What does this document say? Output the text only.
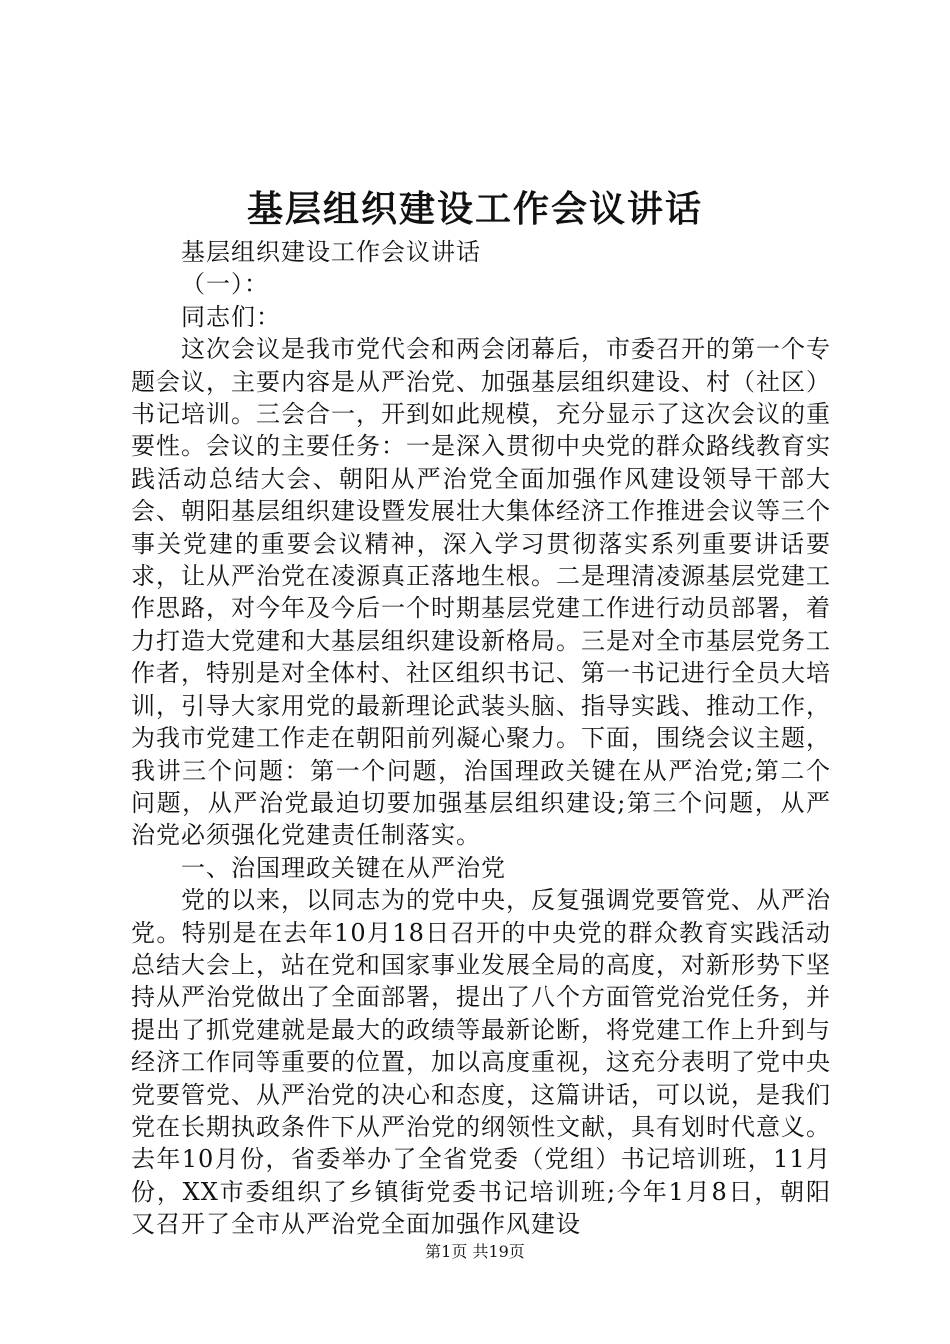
基层组织建设工作会议讲话

基层组织建设工作会议讲话

（一）：

同志们：

这次会议是我市党代会和两会闭幕后，市委召开的第一个专题会议，主要内容是从严治党、加强基层组织建设、村（社区）书记培训。三会合一，开到如此规模，充分显示了这次会议的重要性。会议的主要任务：一是深入贯彻中央党的群众路线教育实践活动总结大会、朝阳从严治党全面加强作风建设领导干部大会、朝阳基层组织建设暨发展壮大集体经济工作推进会议等三个事关党建的重要会议精神，深入学习贯彻落实系列重要讲话要求，让从严治党在凌源真正落地生根。二是理清凌源基层党建工作思路，对今年及今后一个时期基层党建工作进行动员部署，着力打造大党建和大基层组织建设新格局。三是对全市基层党务工作者，特别是对全体村、社区组织书记、第一书记进行全员大培训，引导大家用党的最新理论武装头脑、指导实践、推动工作，为我市党建工作走在朝阳前列凝心聚力。下面，围绕会议主题，我讲三个问题：第一个问题，治国理政关键在从严治党;第二个问题，从严治党最迫切要加强基层组织建设;第三个问题，从严治党必须强化党建责任制落实。

一、治国理政关键在从严治党

党的以来，以同志为的党中央，反复强调党要管党、从严治党。特别是在去年10月18日召开的中央党的群众教育实践活动总结大会上，站在党和国家事业发展全局的高度，对新形势下坚持从严治党做出了全面部署，提出了八个方面管党治党任务，并提出了抓党建就是最大的政绩等最新论断，将党建工作上升到与经济工作同等重要的位置，加以高度重视，这充分表明了党中央党要管党、从严治党的决心和态度，这篇讲话，可以说，是我们党在长期执政条件下从严治党的纲领性文献，具有划时代意义。去年10月份，省委举办了全省党委（党组）书记培训班，11月份，XX市委组织了乡镇街党委书记培训班;今年1月8日，朝阳又召开了全市从严治党全面加强作风建设

第1页 共19页
